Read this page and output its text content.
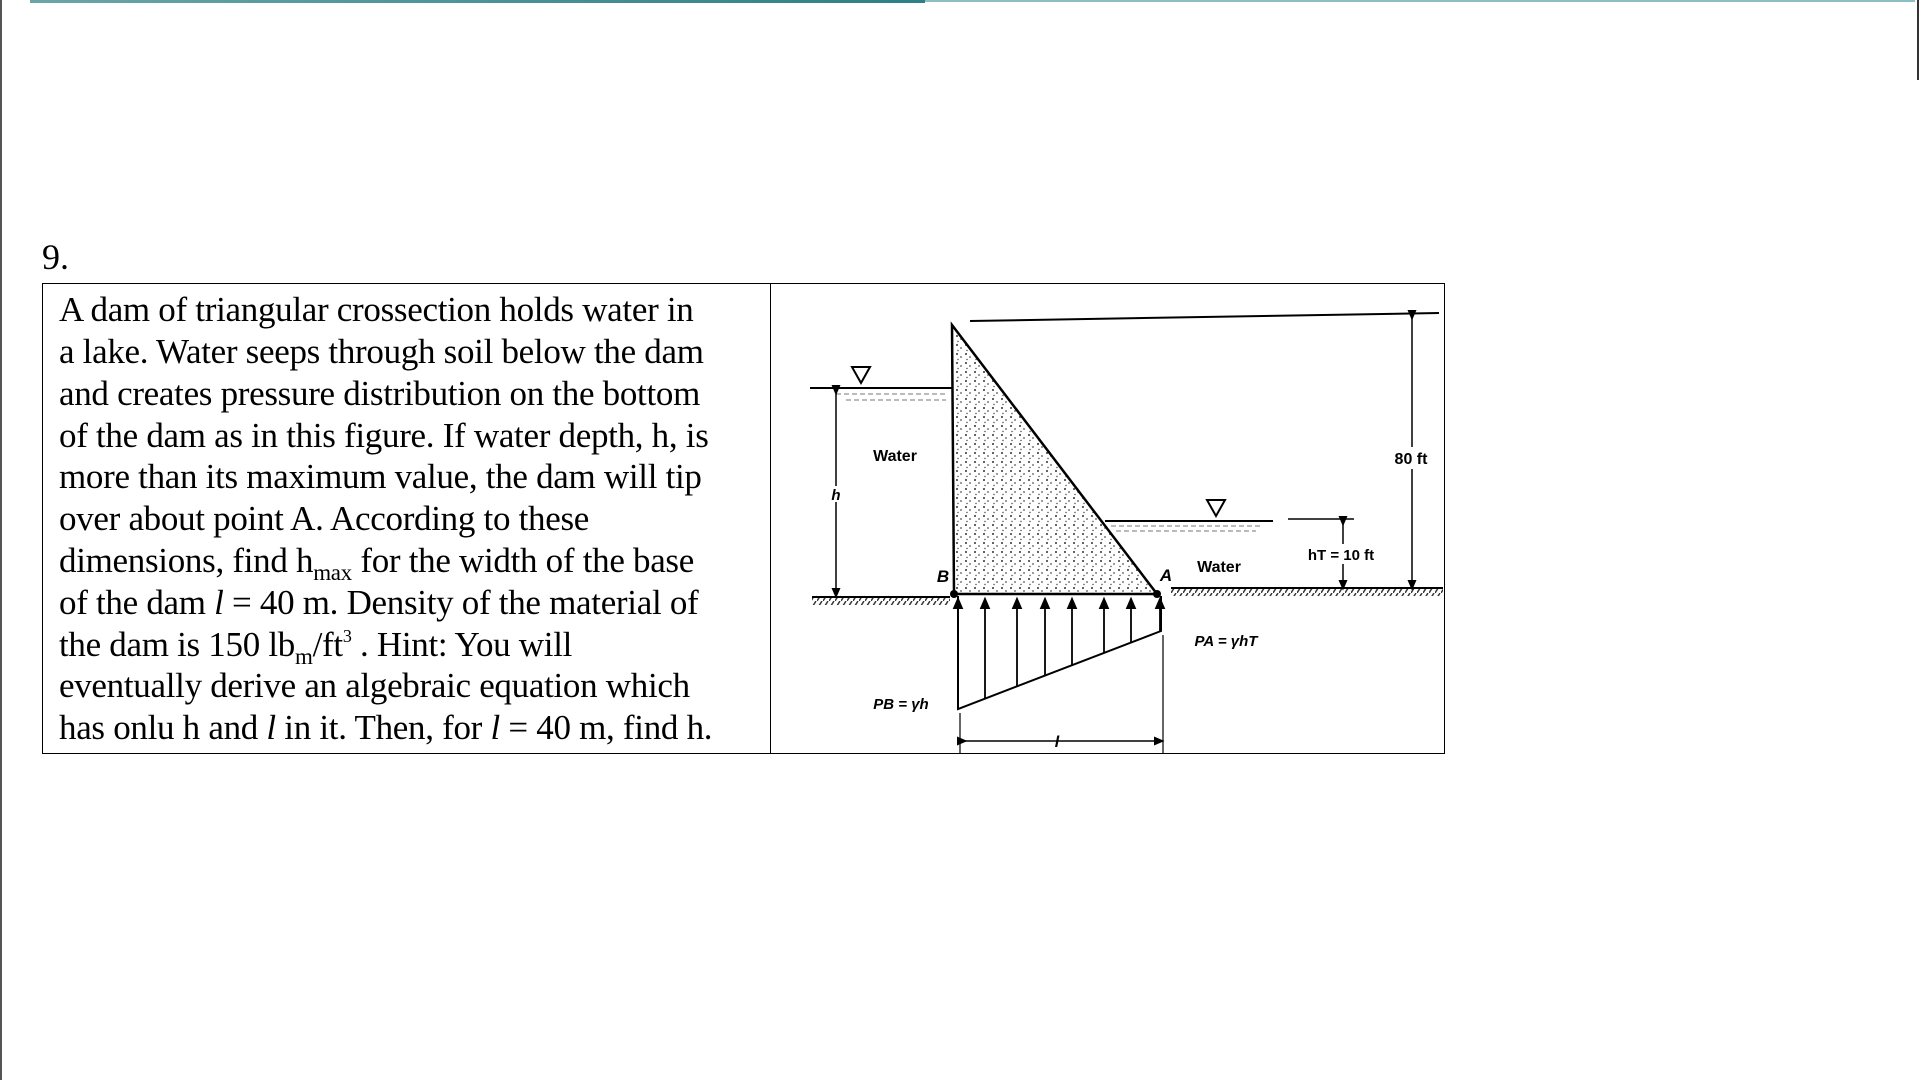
9.
A dam of triangular crossection holds water in
a lake. Water seeps through soil below the dam
and creates pressure distribution on the bottom
of the dam as in this figure. If water depth, h, is
more than its maximum value, the dam will tip
over about point A. According to these
dimensions, find $h_{max}$ for the width of the base
of the dam l = 40 m. Density of the material of
the dam is 150 $lb_m/ft^3$ . Hint: You will
eventually derive an algebraic equation which
has onlu h and l in it. Then, for l = 40 m, find h.
h
Water
Water
hT = 10 ft
80 ft
B	A
PB = γh
PA = γhT
l
